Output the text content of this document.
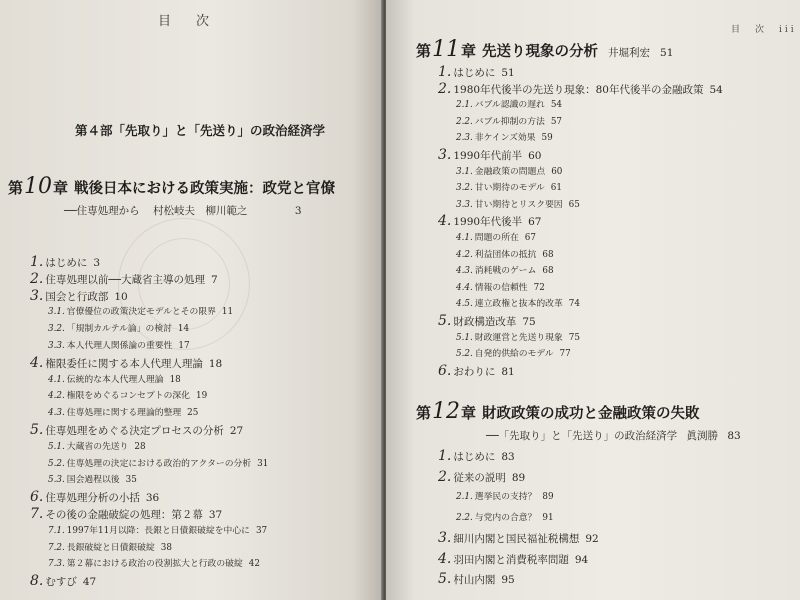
目　次
第４部「先取り」と「先送り」の政治経済学
第 10 章 戦後日本における政策実施：政党と官僚
──住専処理から 村松岐夫　柳川範之	3
1. はじめに 3
2. 住専処理以前──大蔵省主導の処理 7
3. 国会と行政部 10
3.1. 官僚優位の政策決定モデルとその限界 11
3.2. 「規制カルテル論」の検討 14
3.3. 本人代理人関係論の重要性 17
4. 権限委任に関する本人代理人理論 18
4.1. 伝統的な本人代理人理論 18
4.2. 権限をめぐるコンセプトの深化 19
4.3. 住専処理に関する理論的整理 25
5. 住専処理をめぐる決定プロセスの分析 27
5.1. 大蔵省の先送り 28
5.2. 住専処理の決定における政治的アクターの分析 31
5.3. 国会過程以後 35
6. 住専処理分析の小括 36
7. その後の金融破綻の処理：第２幕 37
7.1. 1997年11月以降：長銀と日債銀破綻を中心に 37
7.2. 長銀破綻と日債銀破綻 38
7.3. 第２幕における政治の役割拡大と行政の破綻 42
8. むすび 47
目　次　iii
第 11 章 先送り現象の分析 井堀利宏 51
1. はじめに 51
2. 1980年代後半の先送り現象：80年代後半の金融政策 54
2.1. バブル認識の遅れ 54
2.2. バブル抑制の方法 57
2.3. 非ケインズ効果 59
3. 1990年代前半 60
3.1. 金融政策の問題点 60
3.2. 甘い期待のモデル 61
3.3. 甘い期待とリスク要因 65
4. 1990年代後半 67
4.1. 問題の所在 67
4.2. 利益団体の抵抗 68
4.3. 消耗戦のゲーム 68
4.4. 情報の信頼性 72
4.5. 連立政権と抜本的改革 74
5. 財政構造改革 75
5.1. 財政運営と先送り現象 75
5.2. 自発的供給のモデル 77
6. おわりに 81
第 12 章 財政政策の成功と金融政策の失敗
──「先取り」と「先送り」の政治経済学 眞渕勝 83
1. はじめに 83
2. 従来の説明 89
2.1. 選挙民の支持？ 89
2.2. 与党内の合意？ 91
3. 細川内閣と国民福祉税構想 92
4. 羽田内閣と消費税率問題 94
5. 村山内閣 95
